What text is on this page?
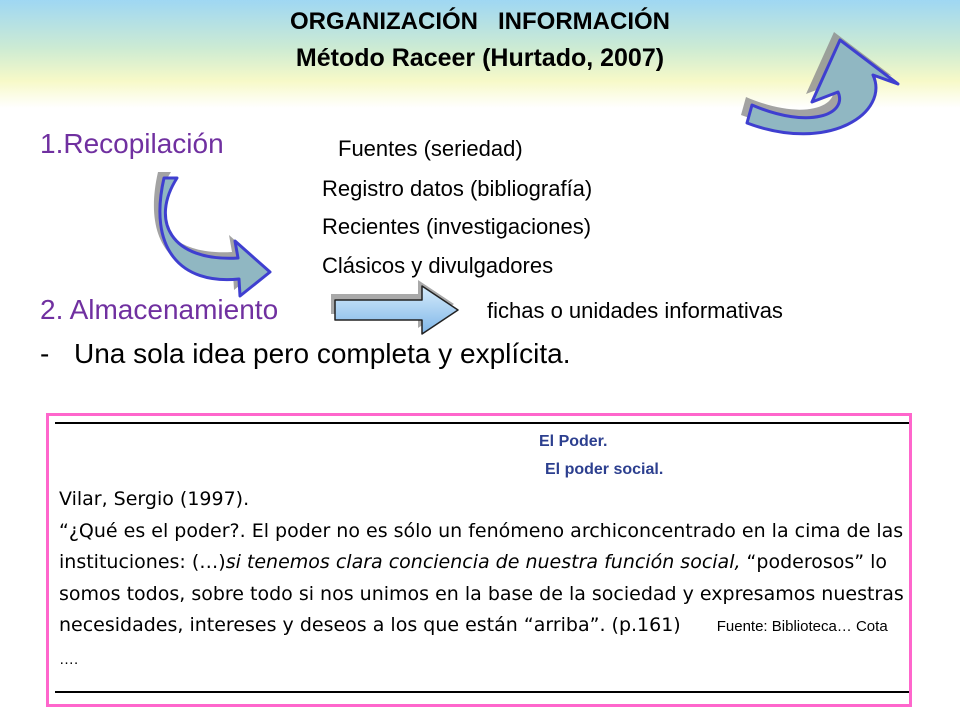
ORGANIZACIÓN   INFORMACIÓN
Método Raceer (Hurtado, 2007)
1.Recopilación	Fuentes (seriedad)
Registro datos (bibliografía)
Recientes (investigaciones)
Clásicos y divulgadores
2. Almacenamiento	fichas o unidades informativas
- Una sola idea pero completa y explícita.
El Poder.
El poder social.
Vilar, Sergio (1997).
“¿Qué es el poder?. El poder no es sólo un fenómeno archiconcentrado en la cima de las instituciones: (…)si tenemos clara conciencia de nuestra función social, “poderosos” lo somos todos, sobre todo si nos unimos en la base de la sociedad y expresamos nuestras necesidades, intereses y deseos a los que están “arriba”. (p.161) Fuente: Biblioteca… Cota ….
